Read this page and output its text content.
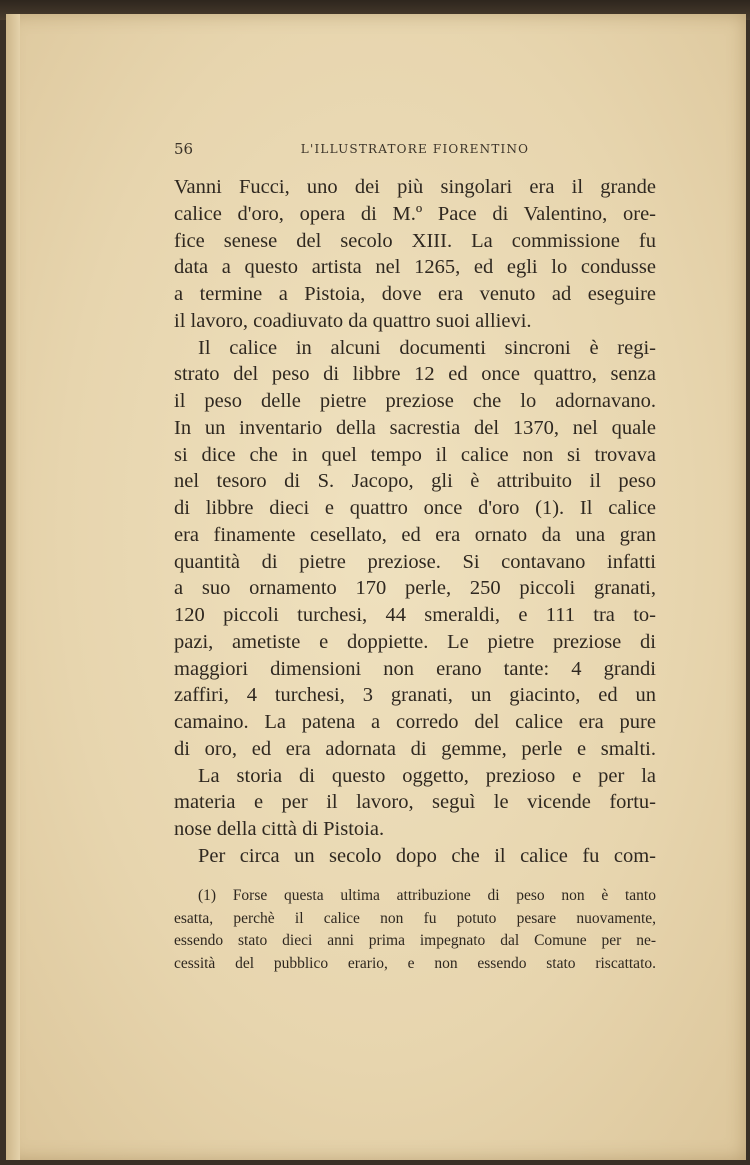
56	L'ILLUSTRATORE FIORENTINO
Vanni Fucci, uno dei più singolari era il grande
calice d'oro, opera di M.º Pace di Valentino, ore-
fice senese del secolo XIII. La commissione fu
data a questo artista nel 1265, ed egli lo condusse
a termine a Pistoia, dove era venuto ad eseguire
il lavoro, coadiuvato da quattro suoi allievi.
Il calice in alcuni documenti sincroni è regi-
strato del peso di libbre 12 ed once quattro, senza
il peso delle pietre preziose che lo adornavano.
In un inventario della sacrestia del 1370, nel quale
si dice che in quel tempo il calice non si trovava
nel tesoro di S. Jacopo, gli è attribuito il peso
di libbre dieci e quattro once d'oro (1). Il calice
era finamente cesellato, ed era ornato da una gran
quantità di pietre preziose. Si contavano infatti
a suo ornamento 170 perle, 250 piccoli granati,
120 piccoli turchesi, 44 smeraldi, e 111 tra to-
pazi, ametiste e doppiette. Le pietre preziose di
maggiori dimensioni non erano tante: 4 grandi
zaffiri, 4 turchesi, 3 granati, un giacinto, ed un
camaino. La patena a corredo del calice era pure
di oro, ed era adornata di gemme, perle e smalti.
La storia di questo oggetto, prezioso e per la
materia e per il lavoro, seguì le vicende fortu-
nose della città di Pistoia.
Per circa un secolo dopo che il calice fu com-
(1) Forse questa ultima attribuzione di peso non è tanto
esatta, perchè il calice non fu potuto pesare nuovamente,
essendo stato dieci anni prima impegnato dal Comune per ne-
cessità del pubblico erario, e non essendo stato riscattato.
